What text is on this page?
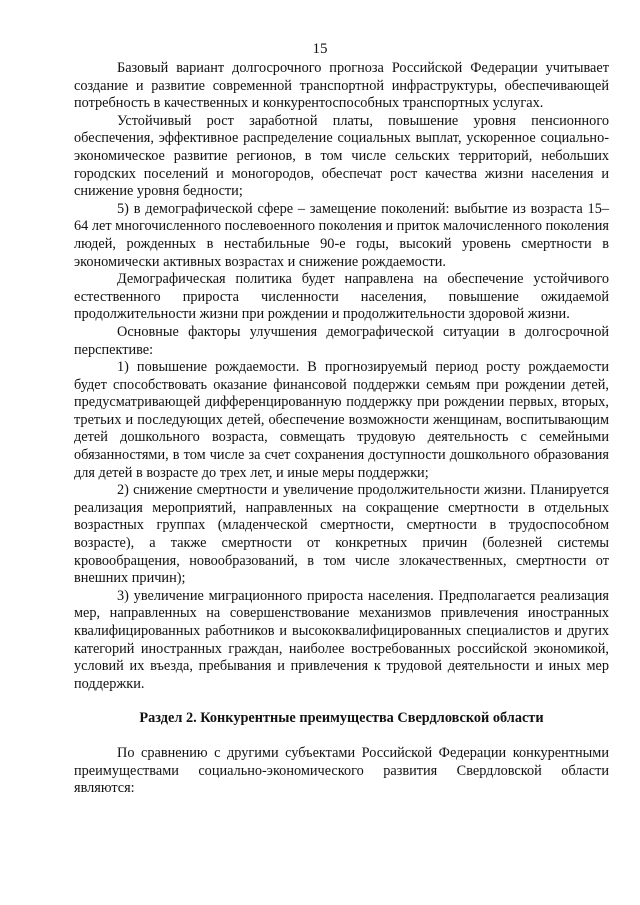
15

Базовый вариант долгосрочного прогноза Российской Федерации учитывает создание и развитие современной транспортной инфраструктуры, обеспечивающей потребность в качественных и конкурентоспособных транспортных услугах.

Устойчивый рост заработной платы, повышение уровня пенсионного обеспечения, эффективное распределение социальных выплат, ускоренное социально-экономическое развитие регионов, в том числе сельских территорий, небольших городских поселений и моногородов, обеспечат рост качества жизни населения и снижение уровня бедности;

5) в демографической сфере – замещение поколений: выбытие из возраста 15–64 лет многочисленного послевоенного поколения и приток малочисленного поколения людей, рожденных в нестабильные 90-е годы, высокий уровень смертности в экономически активных возрастах и снижение рождаемости.

Демографическая политика будет направлена на обеспечение устойчивого естественного прироста численности населения, повышение ожидаемой продолжительности жизни при рождении и продолжительности здоровой жизни.

Основные факторы улучшения демографической ситуации в долгосрочной перспективе:

1) повышение рождаемости. В прогнозируемый период росту рождаемости будет способствовать оказание финансовой поддержки семьям при рождении детей, предусматривающей дифференцированную поддержку при рождении первых, вторых, третьих и последующих детей, обеспечение возможности женщинам, воспитывающим детей дошкольного возраста, совмещать трудовую деятельность с семейными обязанностями, в том числе за счет сохранения доступности дошкольного образования для детей в возрасте до трех лет, и иные меры поддержки;

2) снижение смертности и увеличение продолжительности жизни. Планируется реализация мероприятий, направленных на сокращение смертности в отдельных возрастных группах (младенческой смертности, смертности в трудоспособном возрасте), а также смертности от конкретных причин (болезней системы кровообращения, новообразований, в том числе злокачественных, смертности от внешних причин);

3) увеличение миграционного прироста населения. Предполагается реализация мер, направленных на совершенствование механизмов привлечения иностранных квалифицированных работников и высококвалифицированных специалистов и других категорий иностранных граждан, наиболее востребованных российской экономикой, условий их въезда, пребывания и привлечения к трудовой деятельности и иных мер поддержки.

Раздел 2. Конкурентные преимущества Свердловской области

По сравнению с другими субъектами Российской Федерации конкурентными преимуществами социально-экономического развития Свердловской области являются:
